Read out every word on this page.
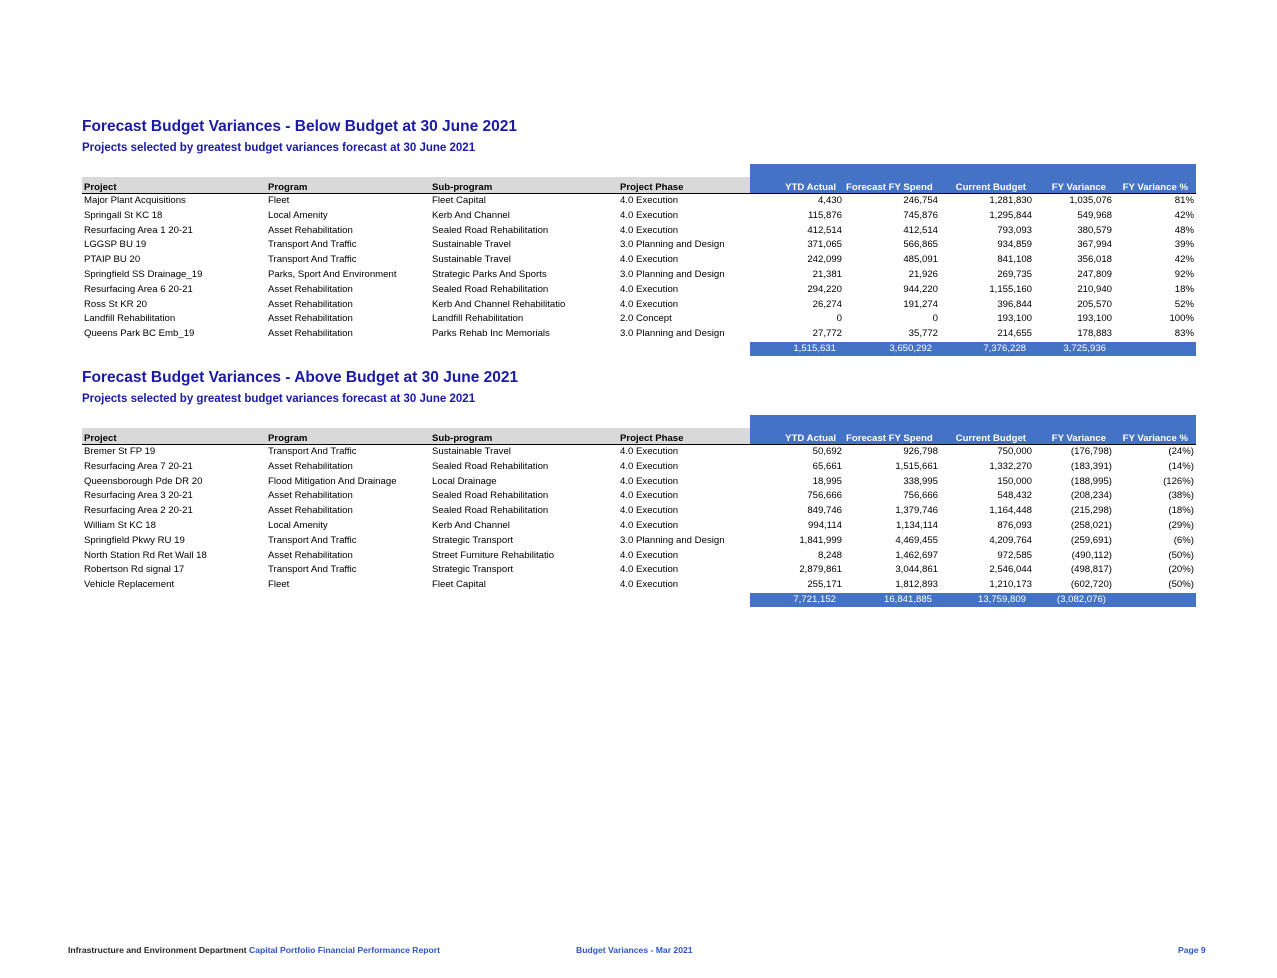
Forecast Budget Variances - Below Budget at 30 June 2021
Projects selected by greatest budget variances forecast at 30 June 2021

Project	Program	Sub-program	Project Phase	YTD Actual	Forecast FY Spend	Current Budget	FY Variance	FY Variance %
Major Plant Acquisitions	Fleet	Fleet Capital	4.0 Execution	4,430	246,754	1,281,830	1,035,076	81%
Springall St KC 18	Local Amenity	Kerb And Channel	4.0 Execution	115,876	745,876	1,295,844	549,968	42%
Resurfacing Area 1 20-21	Asset Rehabilitation	Sealed Road Rehabilitation	4.0 Execution	412,514	412,514	793,093	380,579	48%
LGGSP BU 19	Transport And Traffic	Sustainable Travel	3.0 Planning and Design	371,065	566,865	934,859	367,994	39%
PTAIP BU 20	Transport And Traffic	Sustainable Travel	4.0 Execution	242,099	485,091	841,108	356,018	42%
Springfield SS Drainage_19	Parks, Sport And Environment	Strategic Parks And Sports	3.0 Planning and Design	21,381	21,926	269,735	247,809	92%
Resurfacing Area 6 20-21	Asset Rehabilitation	Sealed Road Rehabilitation	4.0 Execution	294,220	944,220	1,155,160	210,940	18%
Ross St KR 20	Asset Rehabilitation	Kerb And Channel Rehabilitatio	4.0 Execution	26,274	191,274	396,844	205,570	52%
Landfill Rehabilitation	Asset Rehabilitation	Landfill Rehabilitation	2.0 Concept	0	0	193,100	193,100	100%
Queens Park BC Emb_19	Asset Rehabilitation	Parks Rehab Inc Memorials	3.0 Planning and Design	27,772	35,772	214,655	178,883	83%
				1,515,631	3,650,292	7,376,228	3,725,936	
Forecast Budget Variances - Above Budget at 30 June 2021
Projects selected by greatest budget variances forecast at 30 June 2021

Project	Program	Sub-program	Project Phase	YTD Actual	Forecast FY Spend	Current Budget	FY Variance	FY Variance %
Bremer St FP 19	Transport And Traffic	Sustainable Travel	4.0 Execution	50,692	926,798	750,000	(176,798)	(24%)
Resurfacing Area 7 20-21	Asset Rehabilitation	Sealed Road Rehabilitation	4.0 Execution	65,661	1,515,661	1,332,270	(183,391)	(14%)
Queensborough Pde DR 20	Flood Mitigation And Drainage	Local Drainage	4.0 Execution	18,995	338,995	150,000	(188,995)	(126%)
Resurfacing Area 3 20-21	Asset Rehabilitation	Sealed Road Rehabilitation	4.0 Execution	756,666	756,666	548,432	(208,234)	(38%)
Resurfacing Area 2 20-21	Asset Rehabilitation	Sealed Road Rehabilitation	4.0 Execution	849,746	1,379,746	1,164,448	(215,298)	(18%)
William St KC 18	Local Amenity	Kerb And Channel	4.0 Execution	994,114	1,134,114	876,093	(258,021)	(29%)
Springfield Pkwy RU 19	Transport And Traffic	Strategic Transport	3.0 Planning and Design	1,841,999	4,469,455	4,209,764	(259,691)	(6%)
North Station Rd Ret Wall 18	Asset Rehabilitation	Street Furniture Rehabilitatio	4.0 Execution	8,248	1,462,697	972,585	(490,112)	(50%)
Robertson Rd signal 17	Transport And Traffic	Strategic Transport	4.0 Execution	2,879,861	3,044,861	2,546,044	(498,817)	(20%)
Vehicle Replacement	Fleet	Fleet Capital	4.0 Execution	255,171	1,812,893	1,210,173	(602,720)	(50%)
				7,721,152	16,841,885	13,759,809	(3,082,076)	
Infrastructure and Environment Department Capital Portfolio Financial Performance Report	Budget Variances - Mar 2021	Page 9
